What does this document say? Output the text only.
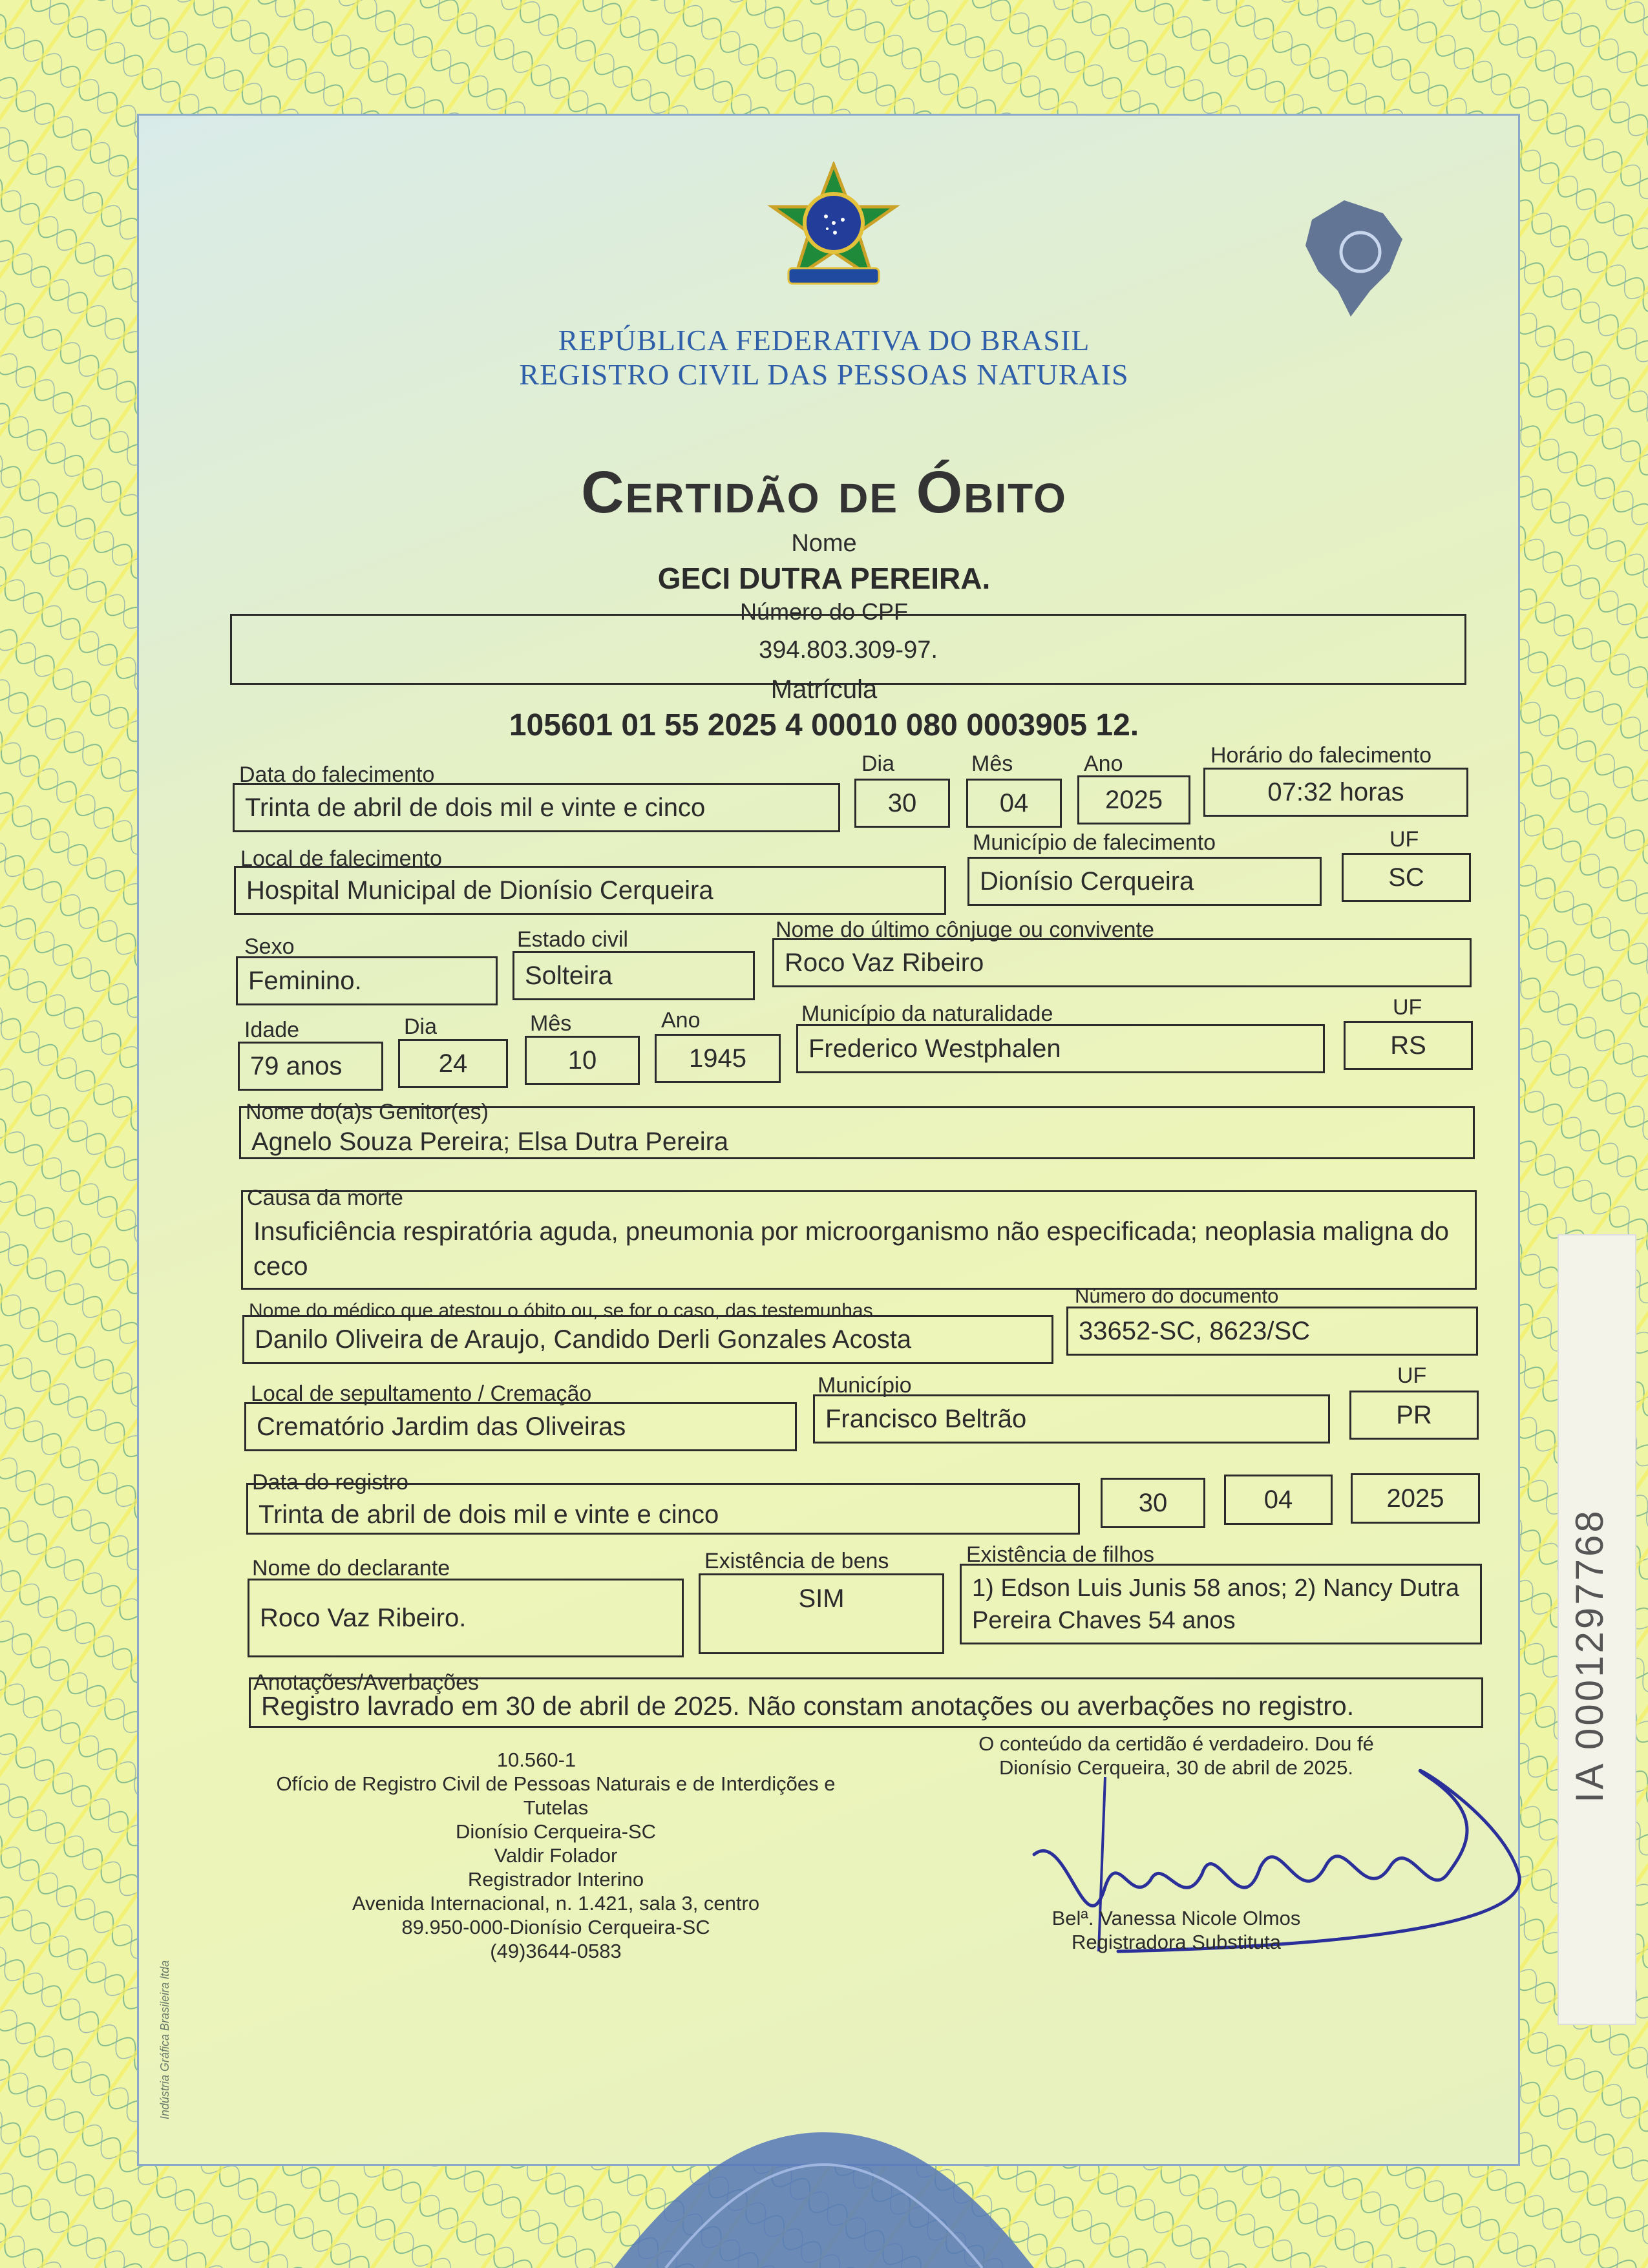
REPÚBLICA FEDERATIVA DO BRASIL
REGISTRO CIVIL DAS PESSOAS NATURAIS
Certidão de Óbito
Nome
GECI DUTRA PEREIRA.
Número do CPF
394.803.309-97.
Matrícula
105601 01 55 2025 4 00010 080 0003905 12.
Data do falecimento	Dia	Mês	Ano	Horário do falecimento
Trinta de abril de dois mil e vinte e cinco	30	04	2025	07:32 horas
Local de falecimento
Município de falecimento	UF
Hospital Municipal de Dionísio Cerqueira	Dionísio Cerqueira	SC
Sexo	Estado civil	Nome do último cônjuge ou convivente
Feminino.	Solteira	Roco Vaz Ribeiro
Idade	Dia	Mês	Ano	Município da naturalidade	UF
79 anos	24	10	1945	Frederico Westphalen	RS
Nome do(a)s Genitor(es)
Agnelo Souza Pereira; Elsa Dutra Pereira
Causa da morte
Insuficiência respiratória aguda, pneumonia por microorganismo não especificada; neoplasia maligna do ceco
Nome do médico que atestou o óbito ou, se for o caso, das testemunhas
Número do documento
Danilo Oliveira de Araujo, Candido Derli Gonzales Acosta	33652-SC, 8623/SC
Local de sepultamento / Cremação	Município	UF
Crematório Jardim das Oliveiras	Francisco Beltrão	PR
Data do registro
Trinta de abril de dois mil e vinte e cinco	30	04	2025
Nome do declarante	Existência de bens	Existência de filhos
Roco Vaz Ribeiro.
SIM	1) Edson Luis Junis 58 anos; 2) Nancy Dutra Pereira Chaves 54 anos
Anotações/Averbações
Registro lavrado em 30 de abril de 2025. Não constam anotações ou averbações no registro.
10.560-1
Ofício de Registro Civil de Pessoas Naturais e de Interdições e
Tutelas
Dionísio Cerqueira-SC
Valdir Folador
Registrador Interino
Avenida Internacional, n. 1.421, sala 3, centro
89.950-000-Dionísio Cerqueira-SC
(49)3644-0583
O conteúdo da certidão é verdadeiro. Dou fé
Dionísio Cerqueira, 30 de abril de 2025.
Belª. Vanessa Nicole Olmos
Registradora Substituta
IA 0001297768
Indústria Gráfica Brasileira ltda
